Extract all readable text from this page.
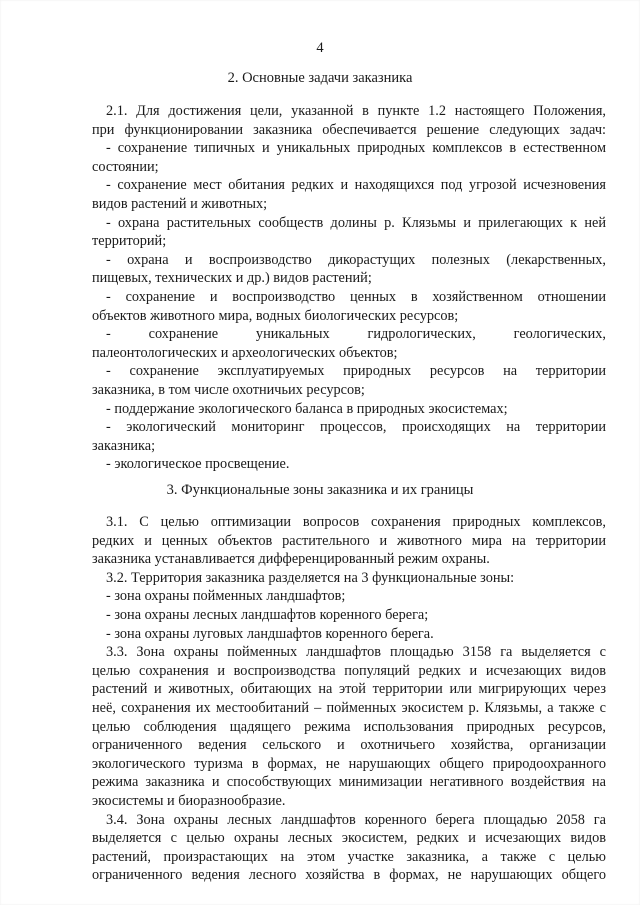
4
2. Основные задачи заказника
2.1. Для достижения цели, указанной в пункте 1.2 настоящего Положения,
при функционировании заказника обеспечивается решение следующих задач:
- сохранение типичных и уникальных природных комплексов в естественном
состоянии;
- сохранение мест обитания редких и находящихся под угрозой исчезновения
видов растений и животных;
- охрана растительных сообществ долины р. Клязьмы и прилегающих к ней
территорий;
- охрана и воспроизводство дикорастущих полезных (лекарственных,
пищевых, технических и др.) видов растений;
- сохранение и воспроизводство ценных в хозяйственном отношении
объектов животного мира, водных биологических ресурсов;
- сохранение уникальных гидрологических, геологических,
палеонтологических и археологических объектов;
- сохранение эксплуатируемых природных ресурсов на территории
заказника, в том числе охотничьих ресурсов;
- поддержание экологического баланса в природных экосистемах;
- экологический мониторинг процессов, происходящих на территории
заказника;
- экологическое просвещение.
3. Функциональные зоны заказника и их границы
3.1. С целью оптимизации вопросов сохранения природных комплексов,
редких и ценных объектов растительного и животного мира на территории
заказника устанавливается дифференцированный режим охраны.
3.2. Территория заказника разделяется на 3 функциональные зоны:
- зона охраны пойменных ландшафтов;
- зона охраны лесных ландшафтов коренного берега;
- зона охраны луговых ландшафтов коренного берега.
3.3. Зона охраны пойменных ландшафтов площадью 3158 га выделяется с
целью сохранения и воспроизводства популяций редких и исчезающих видов
растений и животных, обитающих на этой территории или мигрирующих через
неё, сохранения их местообитаний – пойменных экосистем р. Клязьмы, а также с
целью соблюдения щадящего режима использования природных ресурсов,
ограниченного ведения сельского и охотничьего хозяйства, организации
экологического туризма в формах, не нарушающих общего природоохранного
режима заказника и способствующих минимизации негативного воздействия на
экосистемы и биоразнообразие.
3.4. Зона охраны лесных ландшафтов коренного берега площадью 2058 га
выделяется с целью охраны лесных экосистем, редких и исчезающих видов
растений, произрастающих на этом участке заказника, а также с целью
ограниченного ведения лесного хозяйства в формах, не нарушающих общего
